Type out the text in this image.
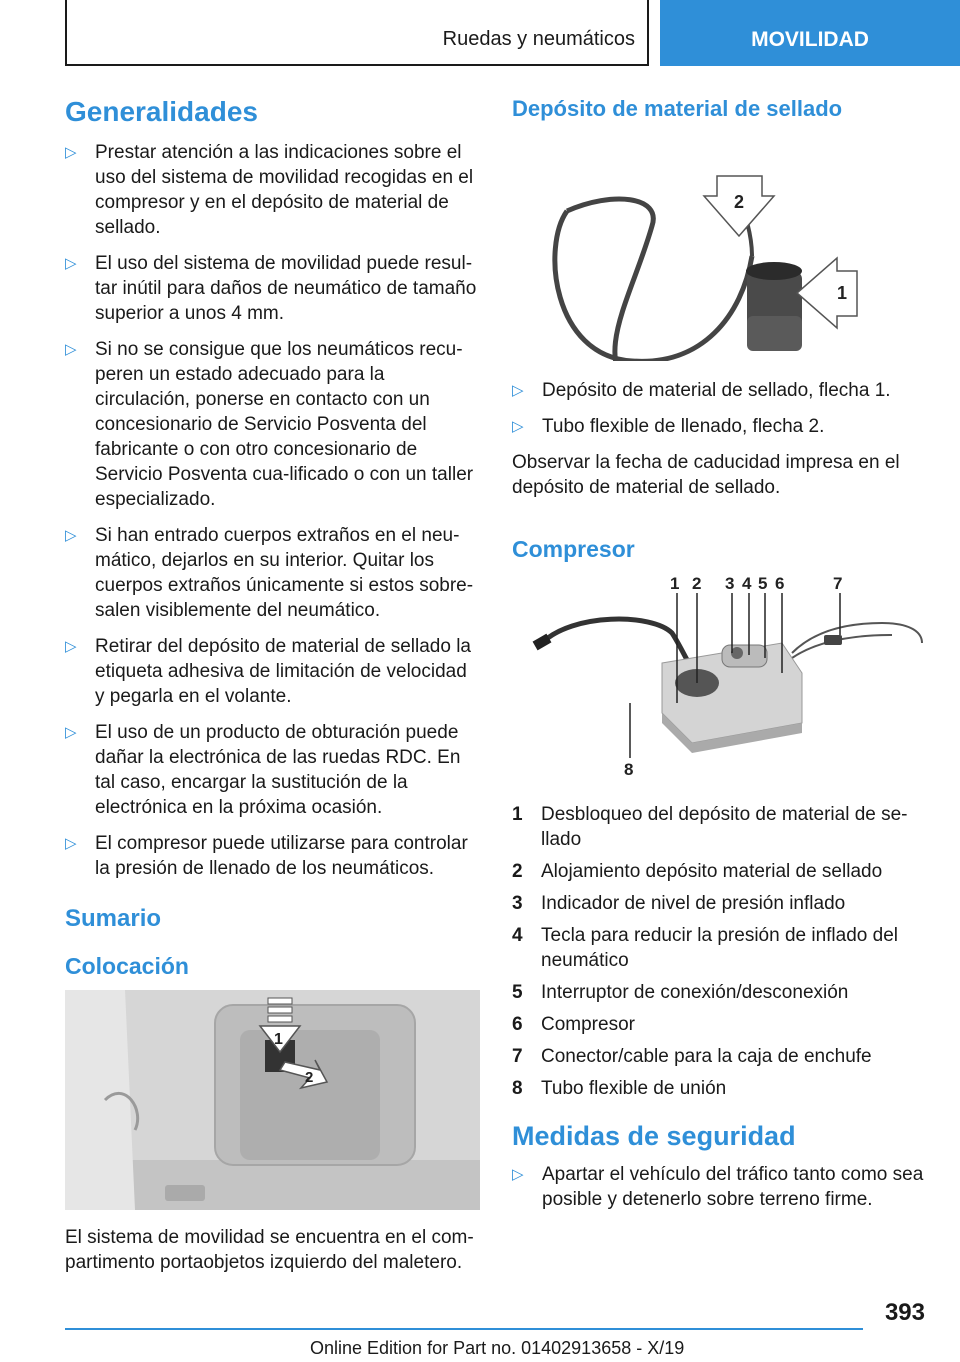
Ruedas y neumáticos	MOVILIDAD
Generalidades
▷ Prestar atención a las indicaciones sobre el uso del sistema de movilidad recogidas en el compresor y en el depósito de material de sellado.
▷ El uso del sistema de movilidad puede resul‐tar inútil para daños de neumático de tamaño superior a unos 4 mm.
▷ Si no se consigue que los neumáticos recu‐peren un estado adecuado para la circulación, ponerse en contacto con un concesionario de Servicio Posventa del fabricante o con otro concesionario de Servicio Posventa cua‐lificado o con un taller especializado.
▷ Si han entrado cuerpos extraños en el neu‐mático, dejarlos en su interior. Quitar los cuerpos extraños únicamente si estos sobre‐salen visiblemente del neumático.
▷ Retirar del depósito de material de sellado la etiqueta adhesiva de limitación de velocidad y pegarla en el volante.
▷ El uso de un producto de obturación puede dañar la electrónica de las ruedas RDC. En tal caso, encargar la sustitución de la electrónica en la próxima ocasión.
▷ El compresor puede utilizarse para controlar la presión de llenado de los neumáticos.
Sumario
Colocación
1
2

El sistema de movilidad se encuentra en el com‐partimento portaobjetos izquierdo del maletero.

Depósito de material de sellado
2
1
▷ Depósito de material de sellado, flecha 1.
▷ Tubo flexible de llenado, flecha 2.

Observar la fecha de caducidad impresa en el depósito de material de sellado.

Compresor
1 2 3 4 5 6	7
8
1 Desbloqueo del depósito de material de se‐llado
2 Alojamiento depósito material de sellado
3 Indicador de nivel de presión inflado
4 Tecla para reducir la presión de inflado del neumático
5 Interruptor de conexión/desconexión
6 Compresor
7 Conector/cable para la caja de enchufe
8 Tubo flexible de unión
Medidas de seguridad
▷ Apartar el vehículo del tráfico tanto como sea posible y detenerlo sobre terreno firme.
393
Online Edition for Part no. 01402913658 - X/19
